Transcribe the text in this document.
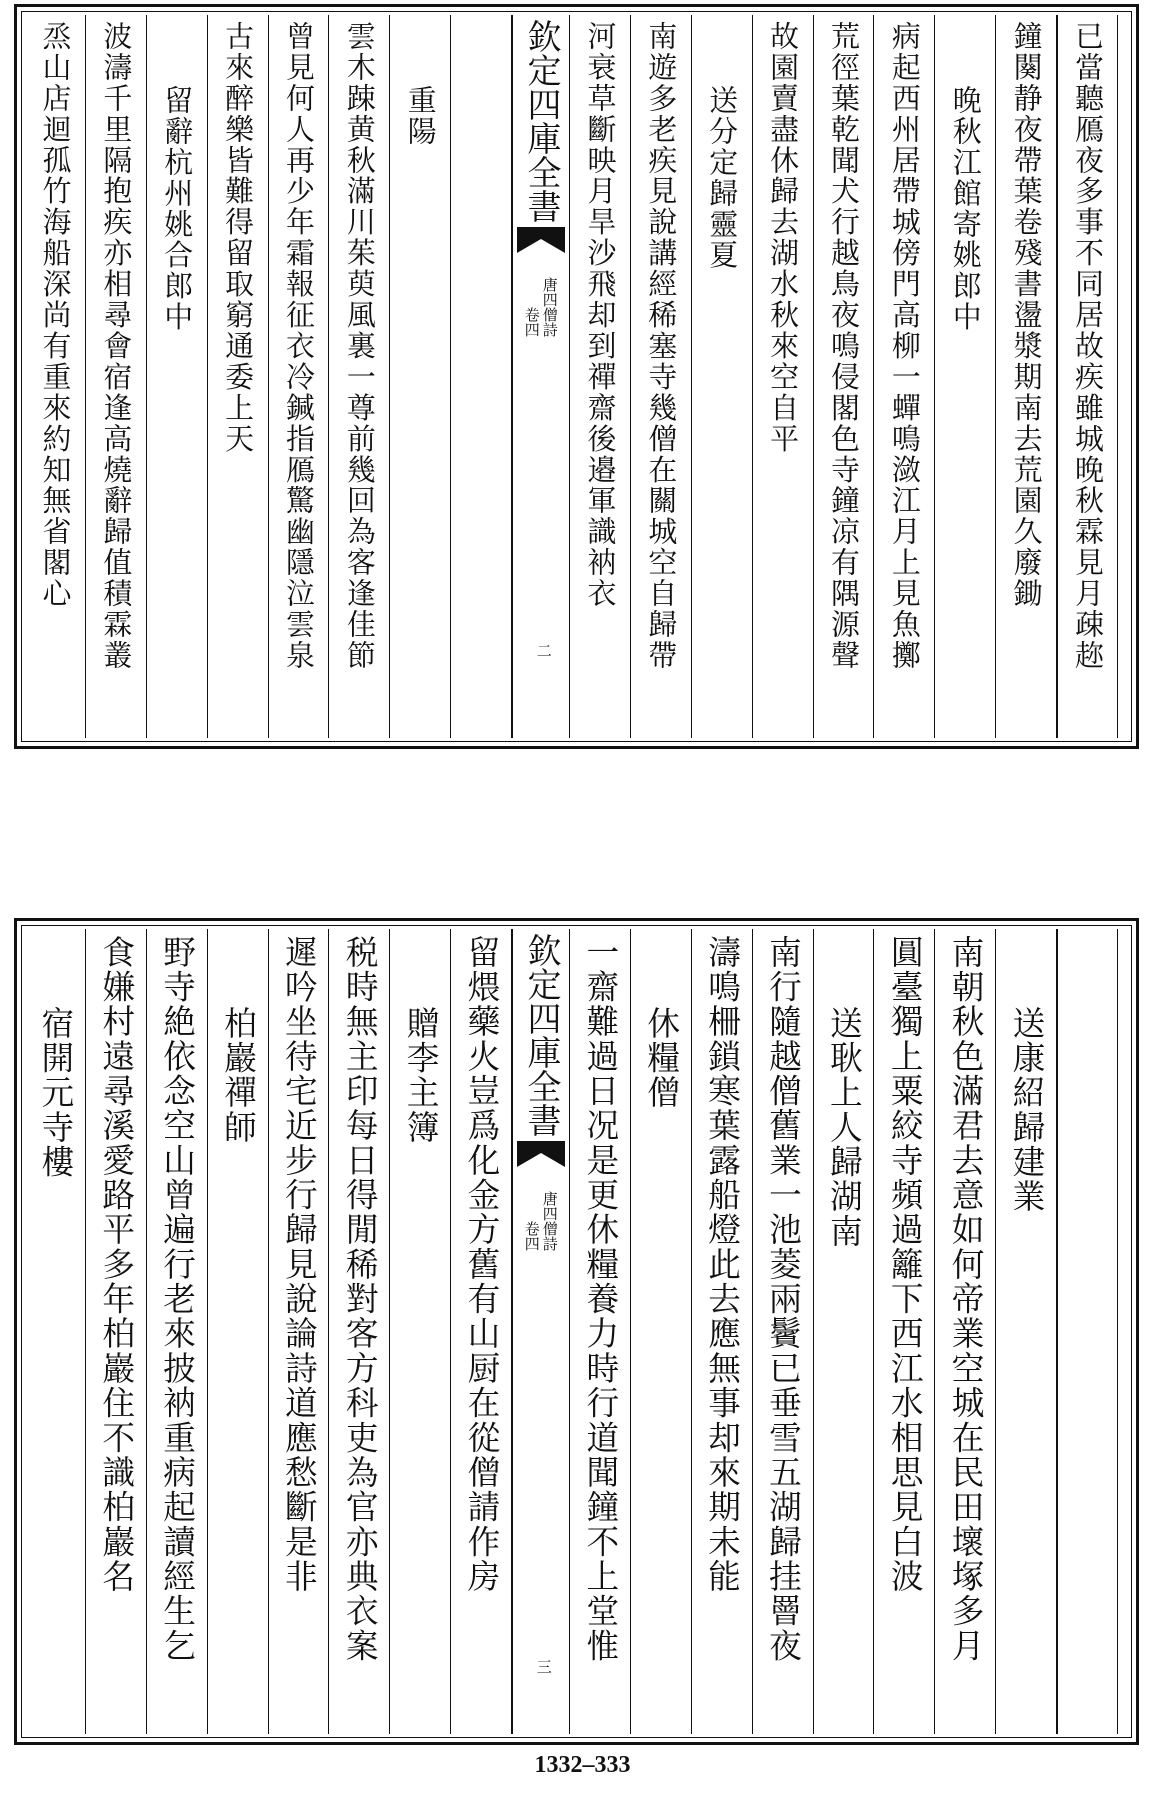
已當聽鴈夜多事不同居故疾雖城晚秋霖見月疎趂
鐘闋静夜帶葉卷殘書盪漿期南去荒園久廢鋤
晚秋江館寄姚郎中
病起西州居帶城傍門高柳一蟬鳴潋江月上見魚擲
荒徑葉乾聞犬行越鳥夜鳴侵閣色寺鐘凉有隅源聲
故園賣盡休歸去湖水秋來空自平
送分定歸靈夏
南遊多老疾見說講經稀塞寺幾僧在關城空自歸帶
河衰草斷映月旱沙飛却到禪齋後邉軍識衲衣
重陽
雲木踈黄秋滿川茱萸風裏一尊前幾回為客逢佳節
曾見何人再少年霜報征衣冷鍼指鴈驚幽隱泣雲泉
古來醉樂皆難得留取窮通委上天
留辭杭州姚合郎中
波濤千里隔抱疾亦相尋會宿逢高燒辭歸值積霖叢
烝山店迴孤竹海船深尚有重來約知無省閣心	欽定四庫全書
唐四僧詩
卷四
二
送康紹歸建業
南朝秋色滿君去意如何帝業空城在民田壞塚多月
圓臺獨上粟絞寺頻過籬下西江水相思見白波
送耿上人歸湖南
南行隨越僧舊業一池菱兩鬢已垂雪五湖歸挂罾夜
濤鳴柵鎖寒葉露船燈此去應無事却來期未能
休糧僧
一齋難過日况是更休糧養力時行道聞鐘不上堂惟
留煨藥火豈爲化金方舊有山厨在從僧請作房
贈李主簿
税時無主印每日得閒稀對客方科吏為官亦典衣案
遲吟坐待宅近步行歸見說論詩道應愁斷是非
柏巖禪師
野寺絶依念空山曾遍行老來披衲重病起讀經生乞
食嫌村遠尋溪愛路平多年柏巖住不識柏巖名
宿開元寺樓	欽定四庫全書
唐四僧詩
卷四
三
1332–333
